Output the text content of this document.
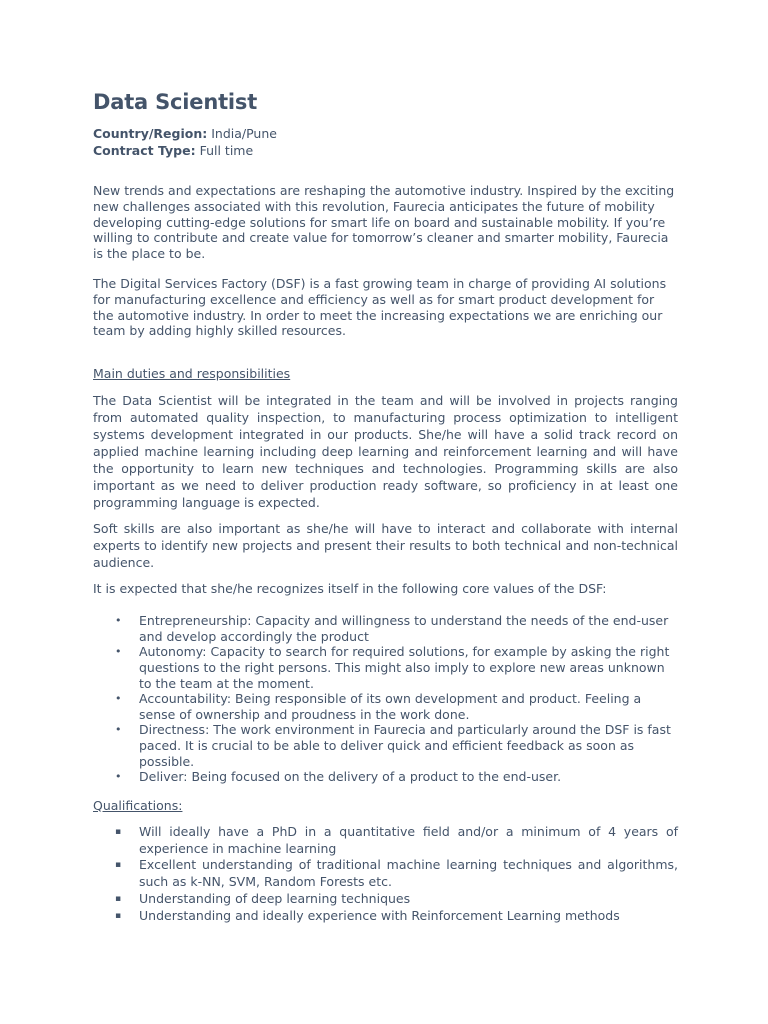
Data Scientist
Country/Region: India/Pune
Contract Type: Full time

New trends and expectations are reshaping the automotive industry. Inspired by the exciting new challenges associated with this revolution, Faurecia anticipates the future of mobility developing cutting-edge solutions for smart life on board and sustainable mobility. If you’re willing to contribute and create value for tomorrow’s cleaner and smarter mobility, Faurecia is the place to be.

The Digital Services Factory (DSF) is a fast growing team in charge of providing AI solutions for manufacturing excellence and efficiency as well as for smart product development for the automotive industry. In order to meet the increasing expectations we are enriching our team by adding highly skilled resources.

Main duties and responsibilities

The Data Scientist will be integrated in the team and will be involved in projects ranging from automated quality inspection, to manufacturing process optimization to intelligent systems development integrated in our products. She/he will have a solid track record on applied machine learning including deep learning and reinforcement learning and will have the opportunity to learn new techniques and technologies. Programming skills are also important as we need to deliver production ready software, so proficiency in at least one programming language is expected.

Soft skills are also important as she/he will have to interact and collaborate with internal experts to identify new projects and present their results to both technical and non-technical audience.

It is expected that she/he recognizes itself in the following core values of the DSF:
• Entrepreneurship: Capacity and willingness to understand the needs of the end-user and develop accordingly the product
• Autonomy: Capacity to search for required solutions, for example by asking the right questions to the right persons. This might also imply to explore new areas unknown to the team at the moment.
• Accountability: Being responsible of its own development and product. Feeling a sense of ownership and proudness in the work done.
• Directness: The work environment in Faurecia and particularly around the DSF is fast paced. It is crucial to be able to deliver quick and efficient feedback as soon as possible.
• Deliver: Being focused on the delivery of a product to the end-user.
Qualifications:
▪ Will ideally have a PhD in a quantitative field and/or a minimum of 4 years of experience in machine learning
▪ Excellent understanding of traditional machine learning techniques and algorithms, such as k-NN, SVM, Random Forests etc.
▪ Understanding of deep learning techniques
▪ Understanding and ideally experience with Reinforcement Learning methods
